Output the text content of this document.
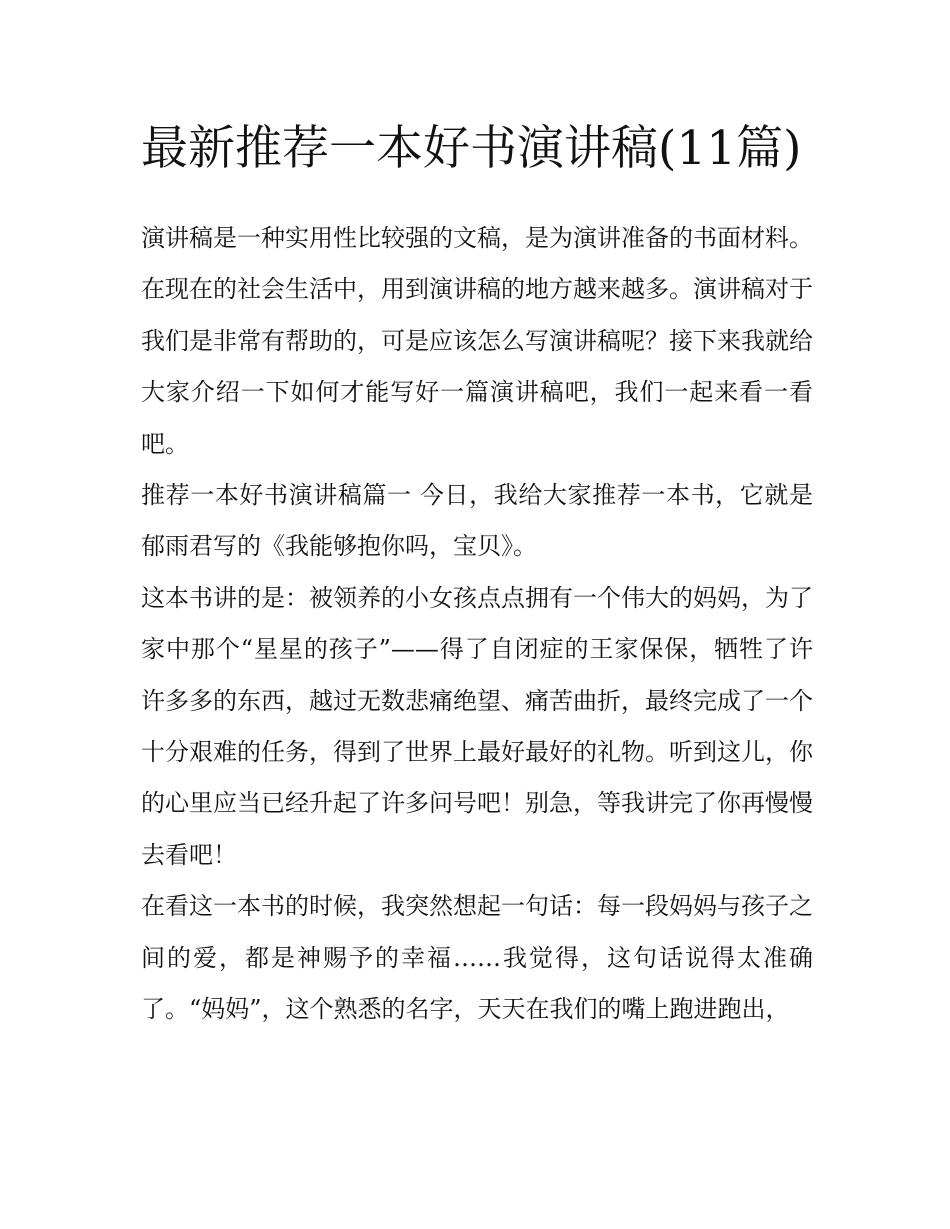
最新推荐一本好书演讲稿(11篇)

演讲稿是一种实用性比较强的文稿，是为演讲准备的书面材料。在现在的社会生活中，用到演讲稿的地方越来越多。演讲稿对于我们是非常有帮助的，可是应该怎么写演讲稿呢？接下来我就给大家介绍一下如何才能写好一篇演讲稿吧，我们一起来看一看吧。

推荐一本好书演讲稿篇一 今日，我给大家推荐一本书，它就是郁雨君写的《我能够抱你吗，宝贝》。

这本书讲的是：被领养的小女孩点点拥有一个伟大的妈妈，为了家中那个“星星的孩子”——得了自闭症的王家保保，牺牲了许许多多的东西，越过无数悲痛绝望、痛苦曲折，最终完成了一个十分艰难的任务，得到了世界上最好最好的礼物。听到这儿，你的心里应当已经升起了许多问号吧！别急，等我讲完了你再慢慢去看吧！

在看这一本书的时候，我突然想起一句话：每一段妈妈与孩子之间的爱，都是神赐予的幸福……我觉得，这句话说得太准确了。“妈妈”，这个熟悉的名字，天天在我们的嘴上跑进跑出，
